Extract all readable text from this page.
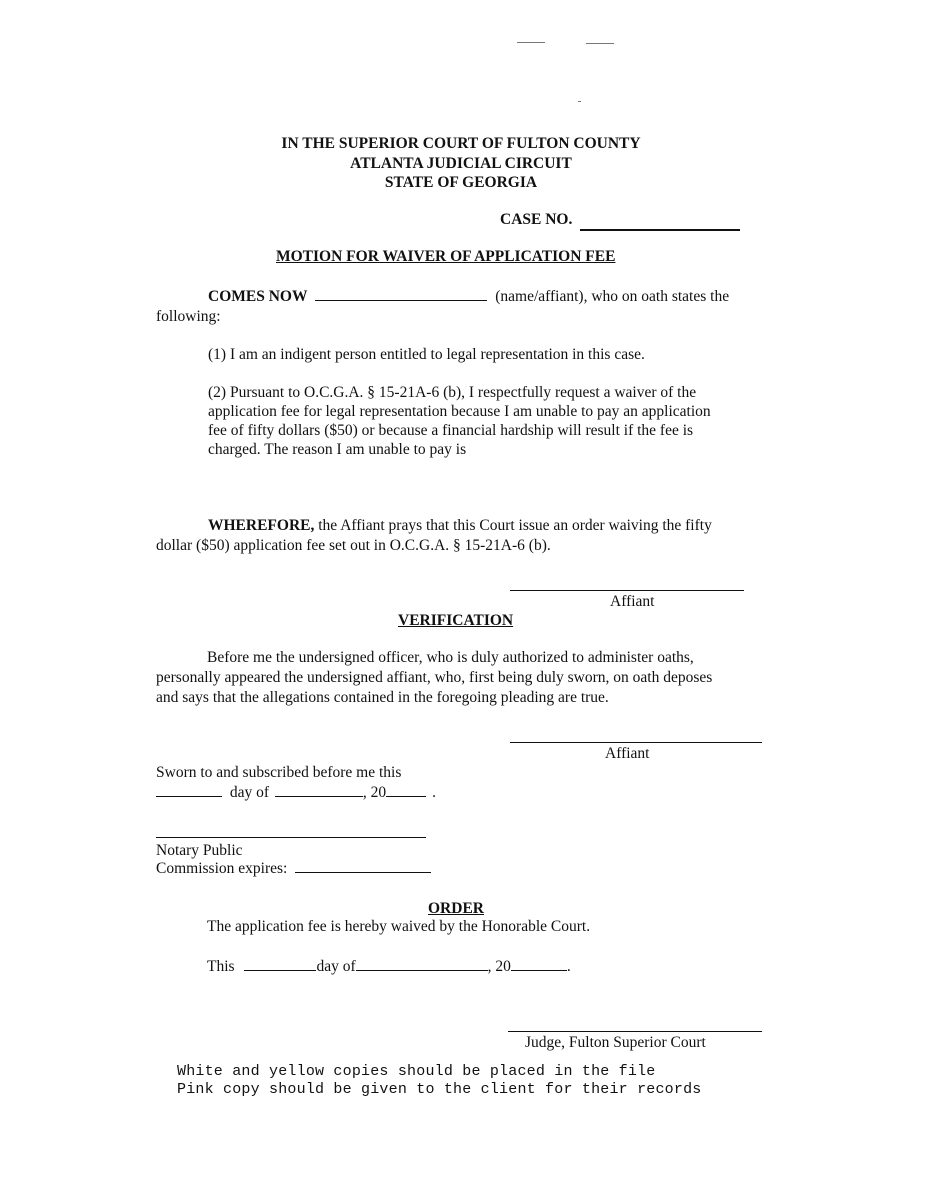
IN THE SUPERIOR COURT OF FULTON COUNTY
ATLANTA JUDICIAL CIRCUIT
STATE OF GEORGIA
CASE NO.
MOTION FOR WAIVER OF APPLICATION FEE
COMES NOW	(name/affiant), who on oath states the
following:
(1) I am an indigent person entitled to legal representation in this case.
(2) Pursuant to O.C.G.A. § 15-21A-6 (b), I respectfully request a waiver of the
application fee for legal representation because I am unable to pay an application
fee of fifty dollars ($50) or because a financial hardship will result if the fee is
charged. The reason I am unable to pay is
WHEREFORE, the Affiant prays that this Court issue an order waiving the fifty
dollar ($50) application fee set out in O.C.G.A. § 15-21A-6 (b).
Affiant
VERIFICATION
Before me the undersigned officer, who is duly authorized to administer oaths,
personally appeared the undersigned affiant, who, first being duly sworn, on oath deposes
and says that the allegations contained in the foregoing pleading are true.
Affiant
Sworn to and subscribed before me this
day of	, 20	.
Notary Public
Commission expires:
ORDER
The application fee is hereby waived by the Honorable Court.
This	day of	, 20	.
Judge, Fulton Superior Court
White and yellow copies should be placed in the file
Pink copy should be given to the client for their records
